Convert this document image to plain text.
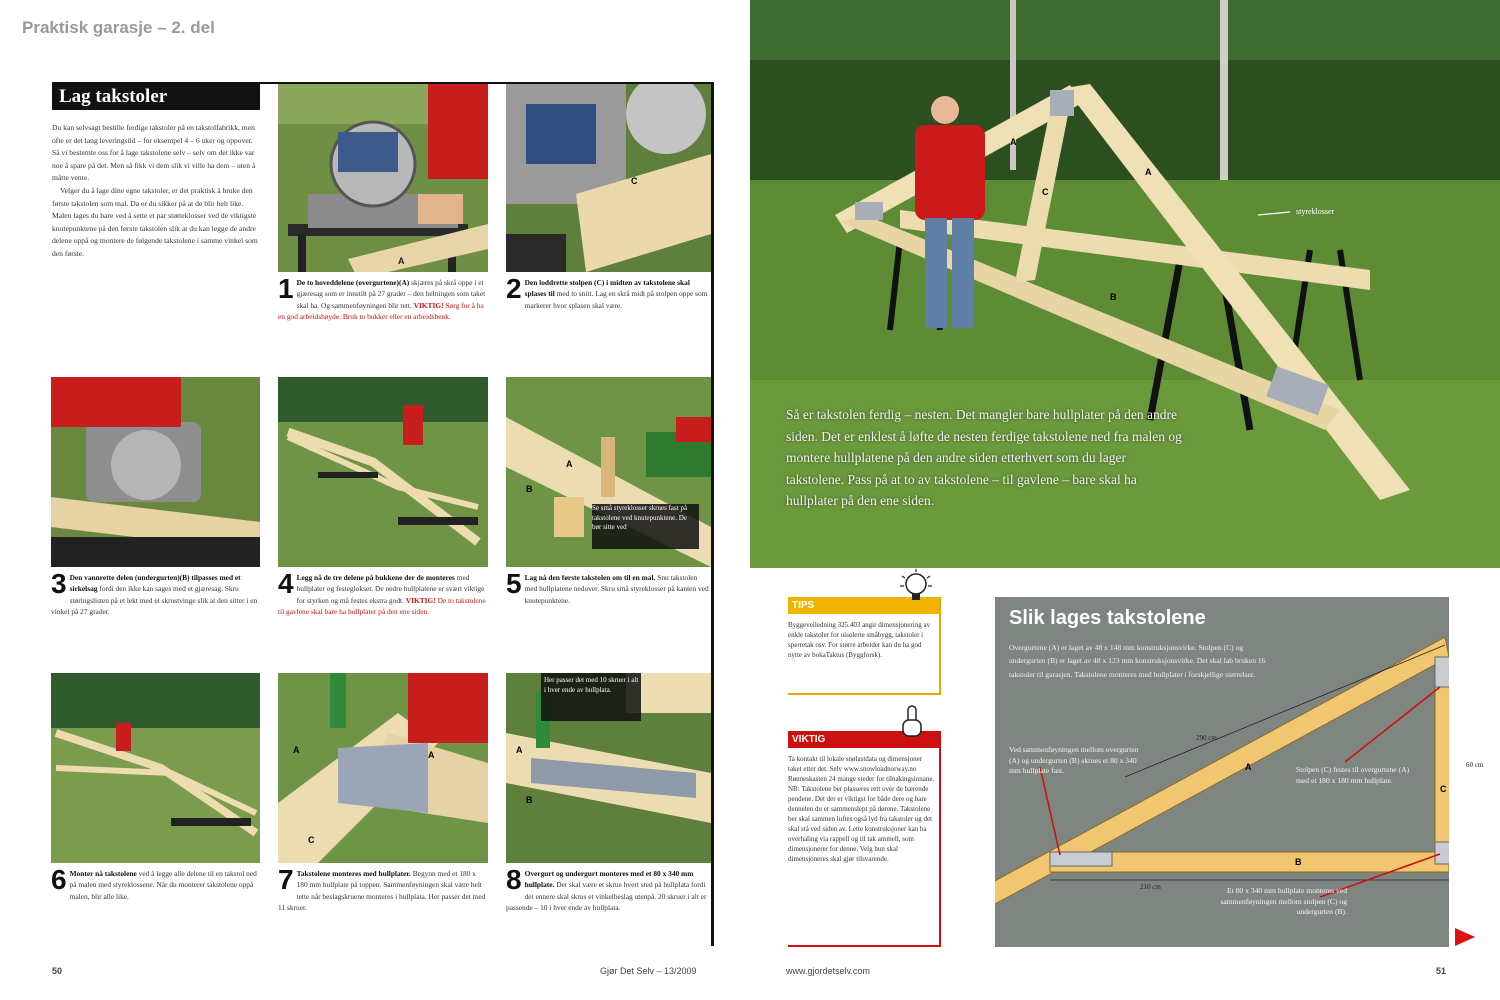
Praktisk garasje – 2. del
Lag takstoler

Du kan selvsagt bestille ferdige takstoler på en takstolfabrikk, men ofte er det lang leveringstid – for eksempel 4 – 6 uker og oppover. Så vi bestemte oss for å lage takstolene selv – selv om det ikke var noe å spare på det. Men så fikk vi dem slik vi ville ha dem – uten å måtte vente.

Velger du å lage dine egne takstoler, er det praktisk å bruke den første takstolen som mal. Da er du sikker på at de blir helt like. Malen lages du bare ved å sette et par støtteklosser ved de viktigste knutepunktene på den første takstolen slik at du kan legge de andre delene oppå og montere de følgende takstolene i samme vinkel som den første.

A
C
1 De to hoveddelene (overgurtene)(A) skjæres på skrå oppe i et gjæresag som er innstilt på 27 grader – den helningen som taket skal ha. Og sammenføyningen blir tett. VIKTIG! Sørg for å ha en god arbeidshøyde. Bruk to bukker eller en arbeidsbenk.
2 Den loddrette stolpen (C) i midten av takstolene skal splases til med to snitt. Lag en skrå midt på stolpen oppe som markerer hvor splasen skal være.
A
B
Se små styreklosser skrues fast på takstolene ved knutepunktene. De bør sitte ved
3 Den vannrette delen (undergurten)(B) tilpasses med et sirkelsag fordi den ikke kan sages med et gjæresag. Skru støringslisten på et lekt med et skrustvinge slik at den sitter i en vinkel på 27 grader.
4 Legg nå de tre delene på bukkene der de monteres med hullplater og festeglokser. De nedre hullplatene er svært viktige for styrken og må festes ekstra godt. VIKTIG! De to takstolene til gavlene skal bare ha hullplater på den ene siden.
5 Lag nå den første takstolen om til en mal. Snu takstolen med hullplatene nedover. Skru små styreklosser på kanten ved knutepunktene.
A	A
C
A
B
Her passer det med 10 skruer i alt i hver ende av hullplata.
6 Monter nå takstolene ved å legge alle delene til en takstol ned på malen med styreklossene. Når du monterer takstolene oppå malen, blir alle like.
7 Takstolene monteres med hullplater. Begynn med et 180 x 180 mm hullplate på toppen. Sammenføyningen skal være helt tette når beslagskruene monteres i hullplata. Her passer det med 11 skruer.
8 Overgurt og undergurt monteres med et 80 x 340 mm hullplate. Det skal være et skrue hvert sted på hullplata fordi det ennere skal skrus et vinkelbeslag utenpå. 20 skruer i alt er passende – 10 i hver ende av hullplata.
50	Gjør Det Selv – 13/2009
A
C
A
B
styreklosser
Så er takstolen ferdig – nesten. Det mangler bare hullplater på den andre siden. Det er enklest å løfte de nesten ferdige takstolene ned fra malen og montere hullplatene på den andre siden etterhvert som du lager takstolene. Pass på at to av takstolene – til gavlene – bare skal ha hullplater på den ene siden.
TIPS
Byggeveiledning 325.403 angir dimensjonering av enkle takstoler for uisolerte småbygg, takstoler i sperretak osv. For større arbeider kan du ha god nytte av bokaTaktus (Byggforsk).
VIKTIG
Ta kontakt til lokale snølastdata og dimensjoner taket etter det. Selv www.snowloadnorway.no Rønneskasten 24 mange steder for tilnakingsinnane. NB: Takstolene ber plasseres rett over de bærende pendene. Det der er viktigst for både dere og bare dennelen du er sammenslept på dørene. Takstolene ber skal sammen luftes også lyd fra takstoler og det skal stå ved siden av. Lette konstruksjoner kan ha overhaling via rappell og til tak ammell, som dimensjonerer for denne. Velg hun skal dimensjoneres skal gjør tilsvarende.
A
B
C
Slik lages takstolene
Overgurtene (A) er laget av 48 x 148 mm konstruksjonsvirke. Stolpen (C) og undergurten (B) er laget av 48 x 123 mm konstruksjonsvirke. Det skal lab bruken 16 takstoler til garasjen. Takstolene monteres med hullplater i forskjellige størrelser.
Ved sammenføyningen mellom overgurten (A) og undergurten (B) skrues et 80 x 340 mm hullplate fast.	Stolpen (C) festes til overgurtene (A) med et 180 x 180 mm hullplate.
Et 80 x 340 mm hullplate monteres ved sammenføyningen mellom stolpen (C) og undergurten (B).
290 cm
210 cm
60 cm
www.gjordetselv.com	51
